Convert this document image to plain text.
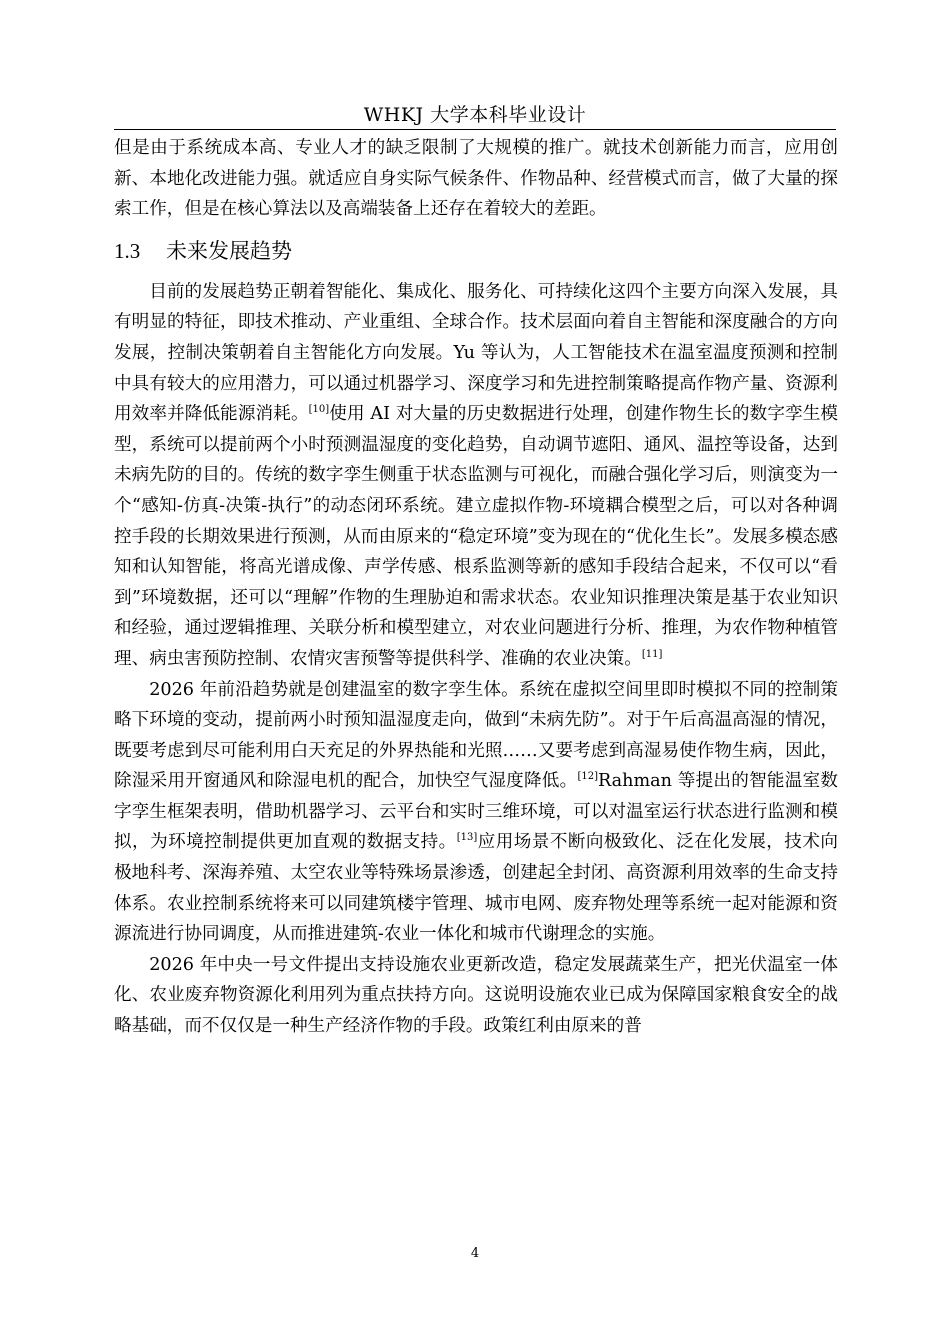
WHKJ 大学本科毕业设计

但是由于系统成本高、专业人才的缺乏限制了大规模的推广。就技术创新能力而言，应用创新、本地化改进能力强。就适应自身实际气候条件、作物品种、经营模式而言，做了大量的探索工作，但是在核心算法以及高端装备上还存在着较大的差距。

1.3 未来发展趋势

目前的发展趋势正朝着智能化、集成化、服务化、可持续化这四个主要方向深入发展，具有明显的特征，即技术推动、产业重组、全球合作。技术层面向着自主智能和深度融合的方向发展，控制决策朝着自主智能化方向发展。Yu 等认为，人工智能技术在温室温度预测和控制中具有较大的应用潜力，可以通过机器学习、深度学习和先进控制策略提高作物产量、资源利用效率并降低能源消耗。[10]使用 AI 对大量的历史数据进行处理，创建作物生长的数字孪生模型，系统可以提前两个小时预测温湿度的变化趋势，自动调节遮阳、通风、温控等设备，达到未病先防的目的。传统的数字孪生侧重于状态监测与可视化，而融合强化学习后，则演变为一个“感知-仿真-决策-执行”的动态闭环系统。建立虚拟作物-环境耦合模型之后，可以对各种调控手段的长期效果进行预测，从而由原来的“稳定环境”变为现在的“优化生长”。发展多模态感知和认知智能，将高光谱成像、声学传感、根系监测等新的感知手段结合起来，不仅可以“看到”环境数据，还可以“理解”作物的生理胁迫和需求状态。农业知识推理决策是基于农业知识和经验，通过逻辑推理、关联分析和模型建立，对农业问题进行分析、推理，为农作物种植管理、病虫害预防控制、农情灾害预警等提供科学、准确的农业决策。[11]

2026 年前沿趋势就是创建温室的数字孪生体。系统在虚拟空间里即时模拟不同的控制策略下环境的变动，提前两小时预知温湿度走向，做到“未病先防”。对于午后高温高湿的情况，既要考虑到尽可能利用白天充足的外界热能和光照……又要考虑到高湿易使作物生病，因此，除湿采用开窗通风和除湿电机的配合，加快空气湿度降低。[12]Rahman 等提出的智能温室数字孪生框架表明，借助机器学习、云平台和实时三维环境，可以对温室运行状态进行监测和模拟，为环境控制提供更加直观的数据支持。[13]应用场景不断向极致化、泛在化发展，技术向极地科考、深海养殖、太空农业等特殊场景渗透，创建起全封闭、高资源利用效率的生命支持体系。农业控制系统将来可以同建筑楼宇管理、城市电网、废弃物处理等系统一起对能源和资源流进行协同调度，从而推进建筑-农业一体化和城市代谢理念的实施。

2026 年中央一号文件提出支持设施农业更新改造，稳定发展蔬菜生产，把光伏温室一体化、农业废弃物资源化利用列为重点扶持方向。这说明设施农业已成为保障国家粮食安全的战略基础，而不仅仅是一种生产经济作物的手段。政策红利由原来的普

4
